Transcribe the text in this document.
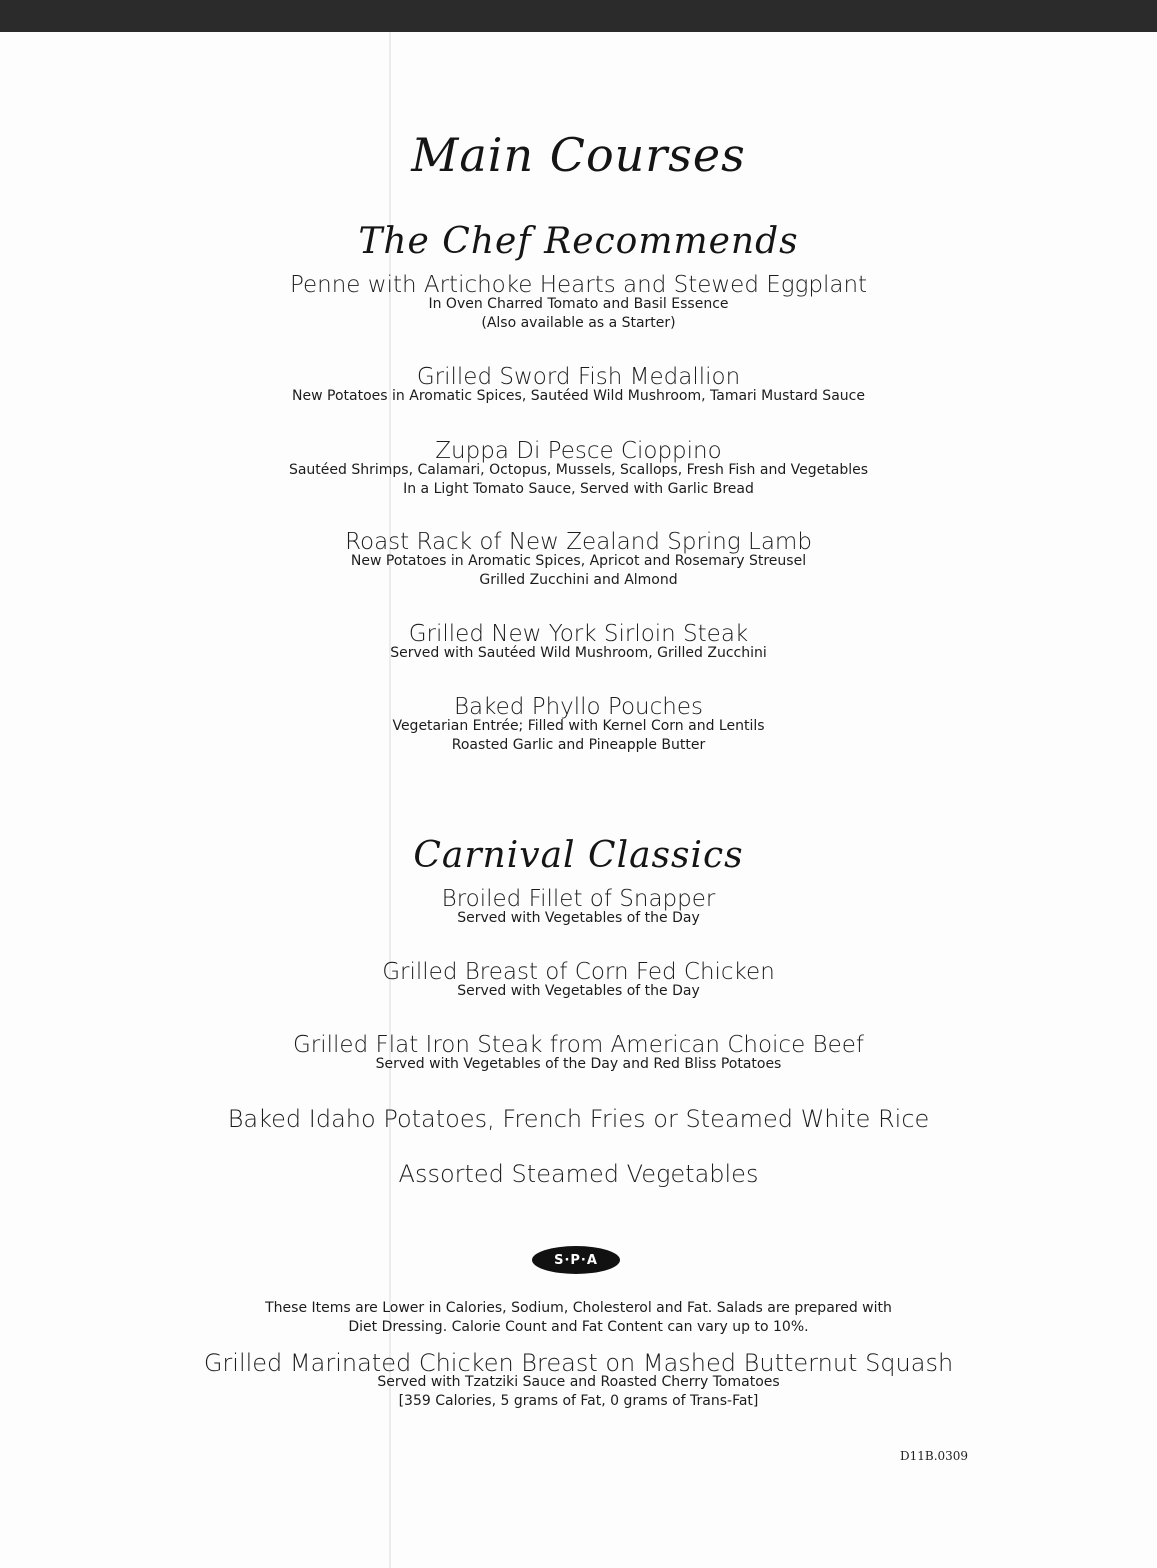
Main Courses
The Chef Recommends
Penne with Artichoke Hearts and Stewed Eggplant
In Oven Charred Tomato and Basil Essence
(Also available as a Starter)
Grilled Sword Fish Medallion
New Potatoes in Aromatic Spices, Sautéed Wild Mushroom, Tamari Mustard Sauce
Zuppa Di Pesce Cioppino
Sautéed Shrimps, Calamari, Octopus, Mussels, Scallops, Fresh Fish and Vegetables
In a Light Tomato Sauce, Served with Garlic Bread
Roast Rack of New Zealand Spring Lamb
New Potatoes in Aromatic Spices, Apricot and Rosemary Streusel
Grilled Zucchini and Almond
Grilled New York Sirloin Steak
Served with Sautéed Wild Mushroom, Grilled Zucchini
Baked Phyllo Pouches
Vegetarian Entrée; Filled with Kernel Corn and Lentils
Roasted Garlic and Pineapple Butter
Carnival Classics
Broiled Fillet of Snapper
Served with Vegetables of the Day
Grilled Breast of Corn Fed Chicken
Served with Vegetables of the Day
Grilled Flat Iron Steak from American Choice Beef
Served with Vegetables of the Day and Red Bliss Potatoes
Baked Idaho Potatoes, French Fries or Steamed White Rice
Assorted Steamed Vegetables
S·P·A
These Items are Lower in Calories, Sodium, Cholesterol and Fat. Salads are prepared with
Diet Dressing. Calorie Count and Fat Content can vary up to 10%.
Grilled Marinated Chicken Breast on Mashed Butternut Squash
Served with Tzatziki Sauce and Roasted Cherry Tomatoes
[359 Calories, 5 grams of Fat, 0 grams of Trans-Fat]
D11B.0309
